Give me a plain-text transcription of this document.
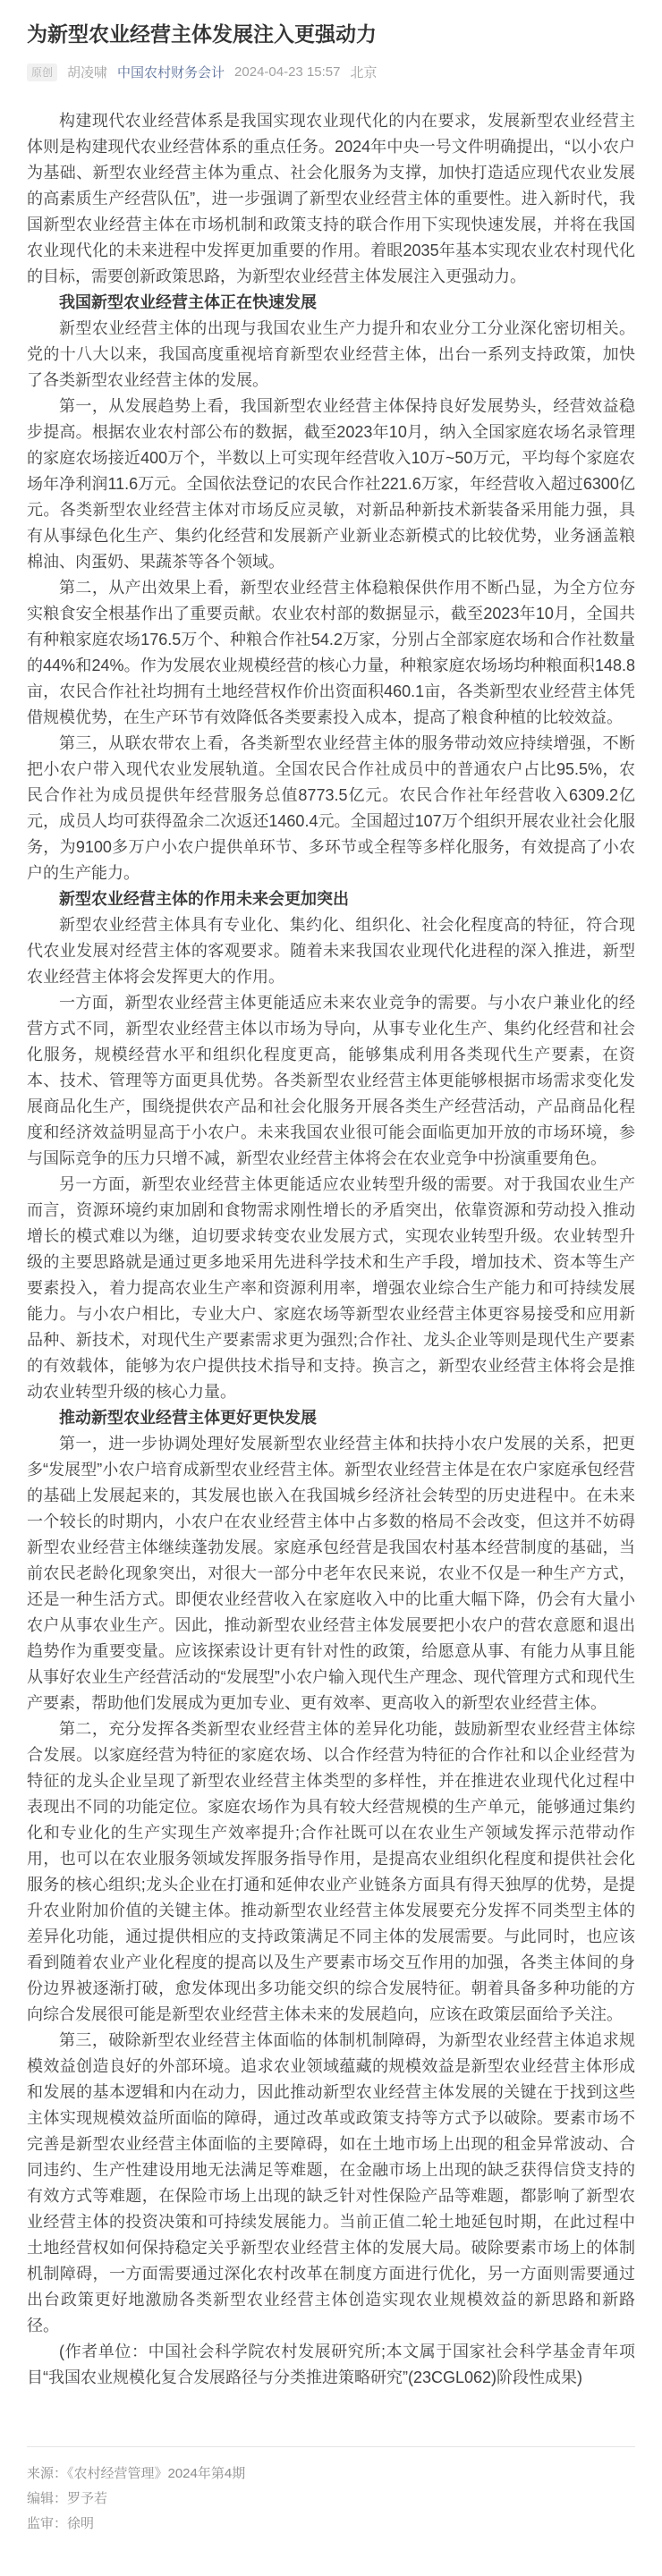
为新型农业经营主体发展注入更强动力
原创	胡凌啸 中国农村财务会计 2024-04-23 15:57 北京

构建现代农业经营体系是我国实现农业现代化的内在要求，发展新型农业经营主体则是构建现代农业经营体系的重点任务。2024年中央一号文件明确提出，“以小农户为基础、新型农业经营主体为重点、社会化服务为支撑，加快打造适应现代农业发展的高素质生产经营队伍”，进一步强调了新型农业经营主体的重要性。进入新时代，我国新型农业经营主体在市场机制和政策支持的联合作用下实现快速发展，并将在我国农业现代化的未来进程中发挥更加重要的作用。着眼2035年基本实现农业农村现代化的目标，需要创新政策思路，为新型农业经营主体发展注入更强动力。

我国新型农业经营主体正在快速发展

新型农业经营主体的出现与我国农业生产力提升和农业分工分业深化密切相关。党的十八大以来，我国高度重视培育新型农业经营主体，出台一系列支持政策，加快了各类新型农业经营主体的发展。

第一，从发展趋势上看，我国新型农业经营主体保持良好发展势头，经营效益稳步提高。根据农业农村部公布的数据，截至2023年10月，纳入全国家庭农场名录管理的家庭农场接近400万个，半数以上可实现年经营收入10万~50万元，平均每个家庭农场年净利润11.6万元。全国依法登记的农民合作社221.6万家，年经营收入超过6300亿元。各类新型农业经营主体对市场反应灵敏，对新品种新技术新装备采用能力强，具有从事绿色化生产、集约化经营和发展新产业新业态新模式的比较优势，业务涵盖粮棉油、肉蛋奶、果蔬茶等各个领域。

第二，从产出效果上看，新型农业经营主体稳粮保供作用不断凸显，为全方位夯实粮食安全根基作出了重要贡献。农业农村部的数据显示，截至2023年10月，全国共有种粮家庭农场176.5万个、种粮合作社54.2万家，分别占全部家庭农场和合作社数量的44%和24%。作为发展农业规模经营的核心力量，种粮家庭农场场均种粮面积148.8亩，农民合作社社均拥有土地经营权作价出资面积460.1亩，各类新型农业经营主体凭借规模优势，在生产环节有效降低各类要素投入成本，提高了粮食种植的比较效益。

第三，从联农带农上看，各类新型农业经营主体的服务带动效应持续增强，不断把小农户带入现代农业发展轨道。全国农民合作社成员中的普通农户占比95.5%，农民合作社为成员提供年经营服务总值8773.5亿元。农民合作社年经营收入6309.2亿元，成员人均可获得盈余二次返还1460.4元。全国超过107万个组织开展农业社会化服务，为9100多万户小农户提供单环节、多环节或全程等多样化服务，有效提高了小农户的生产能力。

新型农业经营主体的作用未来会更加突出

新型农业经营主体具有专业化、集约化、组织化、社会化程度高的特征，符合现代农业发展对经营主体的客观要求。随着未来我国农业现代化进程的深入推进，新型农业经营主体将会发挥更大的作用。

一方面，新型农业经营主体更能适应未来农业竞争的需要。与小农户兼业化的经营方式不同，新型农业经营主体以市场为导向，从事专业化生产、集约化经营和社会化服务，规模经营水平和组织化程度更高，能够集成利用各类现代生产要素，在资本、技术、管理等方面更具优势。各类新型农业经营主体更能够根据市场需求变化发展商品化生产，围绕提供农产品和社会化服务开展各类生产经营活动，产品商品化程度和经济效益明显高于小农户。未来我国农业很可能会面临更加开放的市场环境，参与国际竞争的压力只增不减，新型农业经营主体将会在农业竞争中扮演重要角色。

另一方面，新型农业经营主体更能适应农业转型升级的需要。对于我国农业生产而言，资源环境约束加剧和食物需求刚性增长的矛盾突出，依靠资源和劳动投入推动增长的模式难以为继，迫切要求转变农业发展方式，实现农业转型升级。农业转型升级的主要思路就是通过更多地采用先进科学技术和生产手段，增加技术、资本等生产要素投入，着力提高农业生产率和资源利用率，增强农业综合生产能力和可持续发展能力。与小农户相比，专业大户、家庭农场等新型农业经营主体更容易接受和应用新品种、新技术，对现代生产要素需求更为强烈;合作社、龙头企业等则是现代生产要素的有效载体，能够为农户提供技术指导和支持。换言之，新型农业经营主体将会是推动农业转型升级的核心力量。

推动新型农业经营主体更好更快发展

第一，进一步协调处理好发展新型农业经营主体和扶持小农户发展的关系，把更多“发展型”小农户培育成新型农业经营主体。新型农业经营主体是在农户家庭承包经营的基础上发展起来的，其发展也嵌入在我国城乡经济社会转型的历史进程中。在未来一个较长的时期内，小农户在农业经营主体中占多数的格局不会改变，但这并不妨碍新型农业经营主体继续蓬勃发展。家庭承包经营是我国农村基本经营制度的基础，当前农民老龄化现象突出，对很大一部分中老年农民来说，农业不仅是一种生产方式，还是一种生活方式。即便农业经营收入在家庭收入中的比重大幅下降，仍会有大量小农户从事农业生产。因此，推动新型农业经营主体发展要把小农户的营农意愿和退出趋势作为重要变量。应该探索设计更有针对性的政策，给愿意从事、有能力从事且能从事好农业生产经营活动的“发展型”小农户输入现代生产理念、现代管理方式和现代生产要素，帮助他们发展成为更加专业、更有效率、更高收入的新型农业经营主体。

第二，充分发挥各类新型农业经营主体的差异化功能，鼓励新型农业经营主体综合发展。以家庭经营为特征的家庭农场、以合作经营为特征的合作社和以企业经营为特征的龙头企业呈现了新型农业经营主体类型的多样性，并在推进农业现代化过程中表现出不同的功能定位。家庭农场作为具有较大经营规模的生产单元，能够通过集约化和专业化的生产实现生产效率提升;合作社既可以在农业生产领域发挥示范带动作用，也可以在农业服务领域发挥服务指导作用，是提高农业组织化程度和提供社会化服务的核心组织;龙头企业在打通和延伸农业产业链条方面具有得天独厚的优势，是提升农业附加价值的关键主体。推动新型农业经营主体发展要充分发挥不同类型主体的差异化功能，通过提供相应的支持政策满足不同主体的发展需要。与此同时，也应该看到随着农业产业化程度的提高以及生产要素市场交互作用的加强，各类主体间的身份边界被逐渐打破，愈发体现出多功能交织的综合发展特征。朝着具备多种功能的方向综合发展很可能是新型农业经营主体未来的发展趋向，应该在政策层面给予关注。

第三，破除新型农业经营主体面临的体制机制障碍，为新型农业经营主体追求规模效益创造良好的外部环境。追求农业领域蕴藏的规模效益是新型农业经营主体形成和发展的基本逻辑和内在动力，因此推动新型农业经营主体发展的关键在于找到这些主体实现规模效益所面临的障碍，通过改革或政策支持等方式予以破除。要素市场不完善是新型农业经营主体面临的主要障碍，如在土地市场上出现的租金异常波动、合同违约、生产性建设用地无法满足等难题，在金融市场上出现的缺乏获得信贷支持的有效方式等难题，在保险市场上出现的缺乏针对性保险产品等难题，都影响了新型农业经营主体的投资决策和可持续发展能力。当前正值二轮土地延包时期，在此过程中土地经营权如何保持稳定关乎新型农业经营主体的发展大局。破除要素市场上的体制机制障碍，一方面需要通过深化农村改革在制度方面进行优化，另一方面则需要通过出台政策更好地激励各类新型农业经营主体创造实现农业规模效益的新思路和新路径。

(作者单位：中国社会科学院农村发展研究所;本文属于国家社会科学基金青年项目“我国农业规模化复合发展路径与分类推进策略研究”(23CGL062)阶段性成果)

来源：《农村经营管理》2024年第4期

编辑：罗予若

监审：徐明
